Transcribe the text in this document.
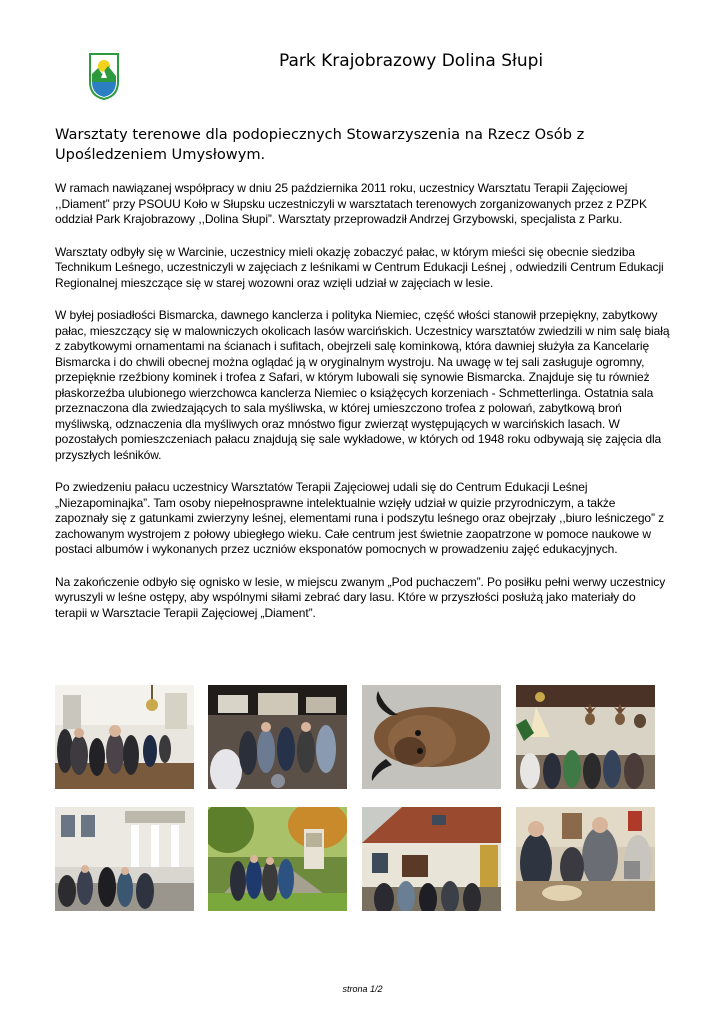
Park Krajobrazowy Dolina Słupi
Warsztaty terenowe dla podopiecznych Stowarzyszenia na Rzecz Osób z Upośledzeniem Umysłowym.

W ramach nawiązanej współpracy w dniu 25 października 2011 roku, uczestnicy Warsztatu Terapii Zajęciowej ,,Diament” przy PSOUU Koło w Słupsku uczestniczyli w warsztatach terenowych zorganizowanych przez z PZPK oddział Park Krajobrazowy ,,Dolina Słupi”. Warsztaty przeprowadził Andrzej Grzybowski, specjalista z Parku.

Warsztaty odbyły się w Warcinie, uczestnicy mieli okazję zobaczyć pałac, w którym mieści się obecnie siedziba Technikum Leśnego, uczestniczyli w zajęciach z leśnikami w Centrum Edukacji Leśnej , odwiedzili Centrum Edukacji Regionalnej mieszczące się w starej wozowni oraz wzięli udział w zajęciach w lesie.

W byłej posiadłości Bismarcka, dawnego kanclerza i polityka Niemiec, część włości stanowił przepiękny, zabytkowy pałac, mieszczący się w malowniczych okolicach lasów warcińskich. Uczestnicy warsztatów zwiedzili w nim salę białą z zabytkowymi ornamentami na ścianach i sufitach, obejrzeli salę kominkową, która dawniej służyła za Kancelarię Bismarcka i do chwili obecnej można oglądać ją w oryginalnym wystroju. Na uwagę w tej sali zasługuje ogromny, przepięknie rzeźbiony kominek i trofea z Safari, w którym lubowali się synowie Bismarcka. Znajduje się tu również płaskorzeźba ulubionego wierzchowca kanclerza Niemiec o książęcych korzeniach - Schmetterlinga. Ostatnia sala przeznaczona dla zwiedzających to sala myśliwska, w której umieszczono trofea z polowań, zabytkową broń myśliwską, odznaczenia dla myśliwych oraz mnóstwo figur zwierząt występujących w warcińskich lasach. W pozostałych pomieszczeniach pałacu znajdują się sale wykładowe, w których od 1948 roku odbywają się zajęcia dla przyszłych leśników.

Po zwiedzeniu pałacu uczestnicy Warsztatów Terapii Zajęciowej udali się do Centrum Edukacji Leśnej „Niezapominajka”. Tam osoby niepełnosprawne intelektualnie wzięły udział w quizie przyrodniczym, a także zapoznały się z gatunkami zwierzyny leśnej, elementami runa i podszytu leśnego oraz obejrzały ,,biuro leśniczego” z zachowanym wystrojem z połowy ubiegłego wieku. Całe centrum jest świetnie zaopatrzone w pomoce naukowe w postaci albumów i wykonanych przez uczniów eksponatów pomocnych w prowadzeniu zajęć edukacyjnych.

Na zakończenie odbyło się ognisko w lesie, w miejscu zwanym „Pod puchaczem”. Po posiłku pełni werwy uczestnicy wyruszyli w leśne ostępy, aby wspólnymi siłami zebrać dary lasu. Które w przyszłości posłużą jako materiały do terapii w Warsztacie Terapii Zajęciowej „Diament”.

strona 1/2
